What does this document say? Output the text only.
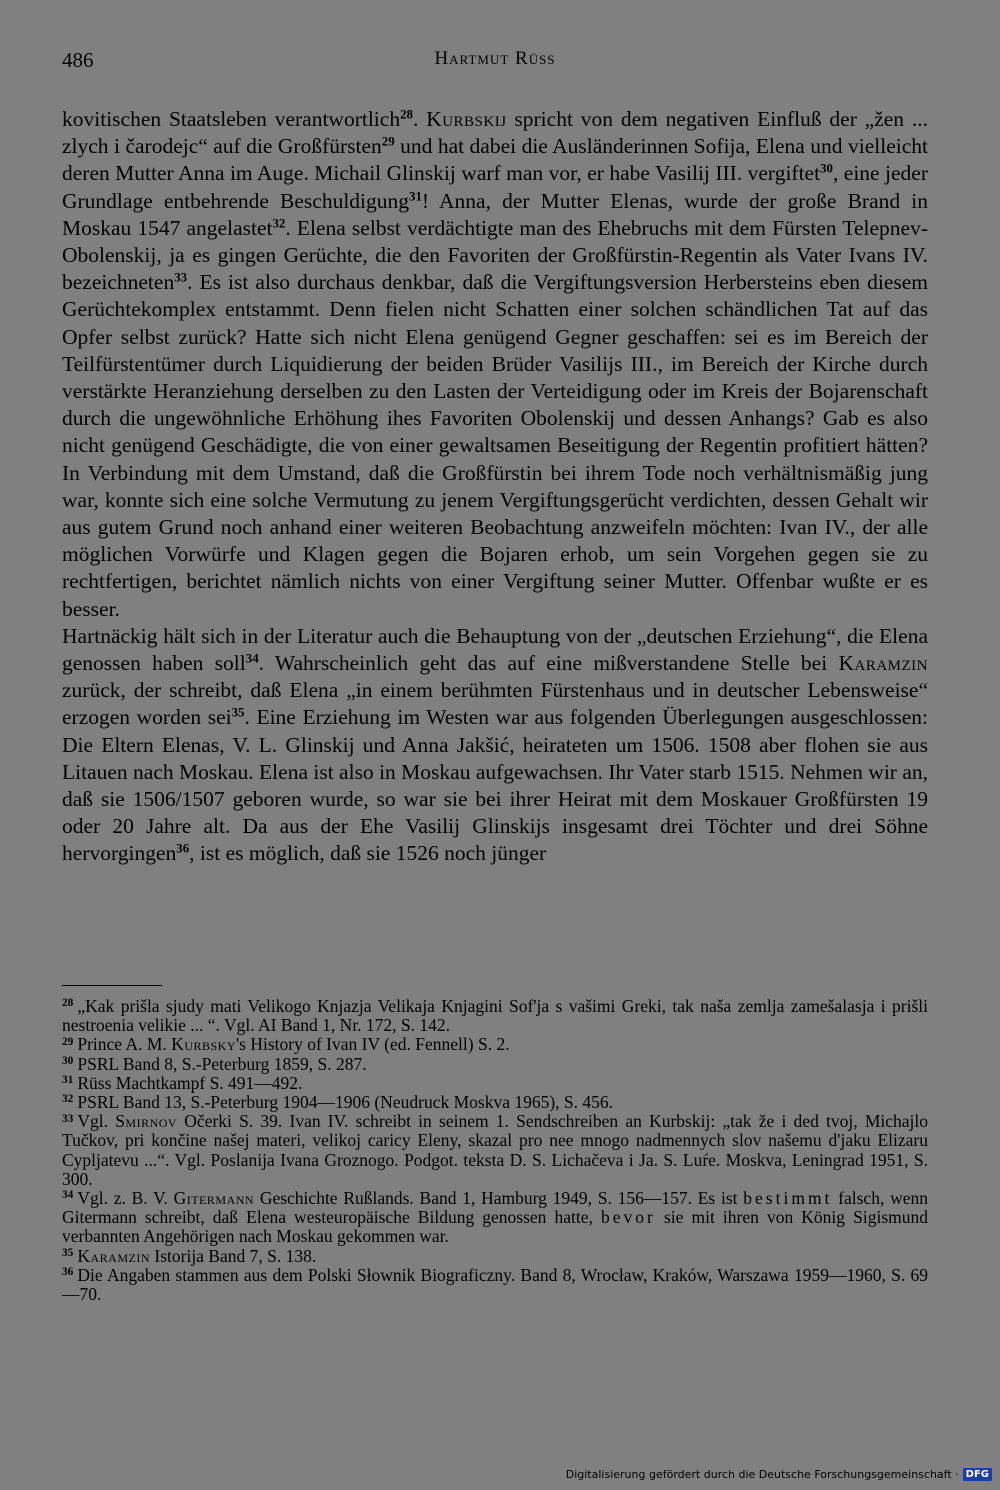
486	Hartmut Rüss

kovitischen Staatsleben verantwortlich$^{28}$. Kurbskij spricht von dem negativen Einfluß der „žen ... zlych i čarodejc“ auf die Großfürsten$^{29}$ und hat dabei die Ausländerinnen Sofija, Elena und vielleicht deren Mutter Anna im Auge. Michail Glinskij warf man vor, er habe Vasilij III. vergiftet$^{30}$, eine jeder Grundlage entbehrende Beschuldigung$^{31}$! Anna, der Mutter Elenas, wurde der große Brand in Moskau 1547 angelastet$^{32}$. Elena selbst verdächtigte man des Ehebruchs mit dem Fürsten Telepnev-Obolenskij, ja es gingen Gerüchte, die den Favoriten der Großfürstin-Regentin als Vater Ivans IV. bezeichneten$^{33}$. Es ist also durchaus denkbar, daß die Vergiftungsversion Herbersteins eben diesem Gerüchtekomplex entstammt. Denn fielen nicht Schatten einer solchen schändlichen Tat auf das Opfer selbst zurück? Hatte sich nicht Elena genügend Gegner geschaffen: sei es im Bereich der Teilfürstentümer durch Liquidierung der beiden Brüder Vasilijs III., im Bereich der Kirche durch verstärkte Heranziehung derselben zu den Lasten der Verteidigung oder im Kreis der Bojarenschaft durch die ungewöhnliche Erhöhung ihes Favoriten Obolenskij und dessen Anhangs? Gab es also nicht genügend Geschädigte, die von einer gewaltsamen Beseitigung der Regentin profitiert hätten? In Verbindung mit dem Umstand, daß die Großfürstin bei ihrem Tode noch verhältnismäßig jung war, konnte sich eine solche Vermutung zu jenem Vergiftungsgerücht verdichten, dessen Gehalt wir aus gutem Grund noch anhand einer weiteren Beobachtung anzweifeln möchten: Ivan IV., der alle möglichen Vorwürfe und Klagen gegen die Bojaren erhob, um sein Vorgehen gegen sie zu rechtfertigen, berichtet nämlich nichts von einer Vergiftung seiner Mutter. Offenbar wußte er es besser.

Hartnäckig hält sich in der Literatur auch die Behauptung von der „deutschen Erziehung“, die Elena genossen haben soll$^{34}$. Wahrscheinlich geht das auf eine mißverstandene Stelle bei Karamzin zurück, der schreibt, daß Elena „in einem berühmten Fürstenhaus und in deutscher Lebensweise“ erzogen worden sei$^{35}$. Eine Erziehung im Westen war aus folgenden Überlegungen ausgeschlossen: Die Eltern Elenas, V. L. Glinskij und Anna Jakšić, heirateten um 1506. 1508 aber flohen sie aus Litauen nach Moskau. Elena ist also in Moskau aufgewachsen. Ihr Vater starb 1515. Nehmen wir an, daß sie 1506/1507 geboren wurde, so war sie bei ihrer Heirat mit dem Moskauer Großfürsten 19 oder 20 Jahre alt. Da aus der Ehe Vasilij Glinskijs insgesamt drei Töchter und drei Söhne hervorgingen$^{36}$, ist es möglich, daß sie 1526 noch jünger

$^{28}$ „Kak prišla sjudy mati Velikogo Knjazja Velikaja Knjagini Sof'ja s vašimi Greki, tak naša zemlja zamešalasja i prišli nestroenia velikie ... “. Vgl. AI Band 1, Nr. 172, S. 142.

$^{29}$ Prince A. M. Kurbsky's History of Ivan IV (ed. Fennell) S. 2.

$^{30}$ PSRL Band 8, S.-Peterburg 1859, S. 287.

$^{31}$ Rüss Machtkampf S. 491—492.

$^{32}$ PSRL Band 13, S.-Peterburg 1904—1906 (Neudruck Moskva 1965), S. 456.

$^{33}$ Vgl. Smirnov Očerki S. 39. Ivan IV. schreibt in seinem 1. Sendschreiben an Kurbskij: „tak že i ded tvoj, Michajlo Tučkov, pri končine našej materi, velikoj caricy Eleny, skazal pro nee mnogo nadmennych slov našemu d'jaku Elizaru Cypljatevu ...“. Vgl. Poslanija Ivana Groznogo. Podgot. teksta D. S. Lichačeva i Ja. S. Luŕe. Moskva, Leningrad 1951, S. 300.

$^{34}$ Vgl. z. B. V. Gitermann Geschichte Rußlands. Band 1, Hamburg 1949, S. 156—157. Es ist bestimmt falsch, wenn Gitermann schreibt, daß Elena westeuropäische Bildung genossen hatte, bevor sie mit ihren von König Sigismund verbannten Angehörigen nach Moskau gekommen war.

$^{35}$ Karamzin Istorija Band 7, S. 138.

$^{36}$ Die Angaben stammen aus dem Polski Słownik Biograficzny. Band 8, Wrocław, Kraków, Warszawa 1959—1960, S. 69—70.

Digitalisierung gefördert durch die Deutsche Forschungsgemeinschaft · DFG
